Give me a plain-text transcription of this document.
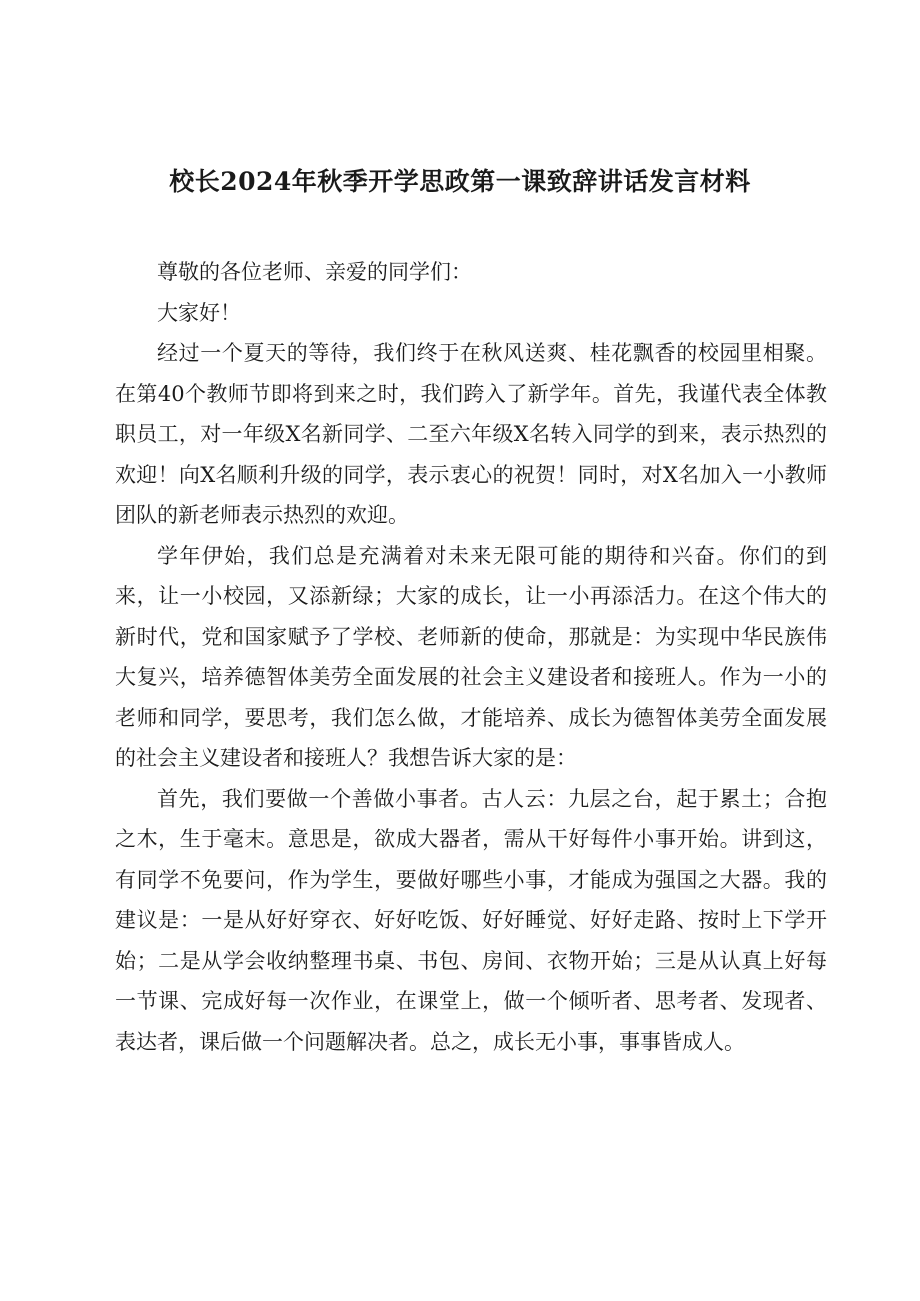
校长2024年秋季开学思政第一课致辞讲话发言材料

尊敬的各位老师、亲爱的同学们：

大家好！

经过一个夏天的等待，我们终于在秋风送爽、桂花飘香的校园里相聚。在第40个教师节即将到来之时，我们跨入了新学年。首先，我谨代表全体教职员工，对一年级X名新同学、二至六年级X名转入同学的到来，表示热烈的欢迎！向X名顺利升级的同学，表示衷心的祝贺！同时，对X名加入一小教师团队的新老师表示热烈的欢迎。

学年伊始，我们总是充满着对未来无限可能的期待和兴奋。你们的到来，让一小校园，又添新绿；大家的成长，让一小再添活力。在这个伟大的新时代，党和国家赋予了学校、老师新的使命，那就是：为实现中华民族伟大复兴，培养德智体美劳全面发展的社会主义建设者和接班人。作为一小的老师和同学，要思考，我们怎么做，才能培养、成长为德智体美劳全面发展的社会主义建设者和接班人？我想告诉大家的是：

首先，我们要做一个善做小事者。古人云：九层之台，起于累土；合抱之木，生于毫末。意思是，欲成大器者，需从干好每件小事开始。讲到这，有同学不免要问，作为学生，要做好哪些小事，才能成为强国之大器。我的建议是：一是从好好穿衣、好好吃饭、好好睡觉、好好走路、按时上下学开始；二是从学会收纳整理书桌、书包、房间、衣物开始；三是从认真上好每一节课、完成好每一次作业，在课堂上，做一个倾听者、思考者、发现者、表达者，课后做一个问题解决者。总之，成长无小事，事事皆成人。
